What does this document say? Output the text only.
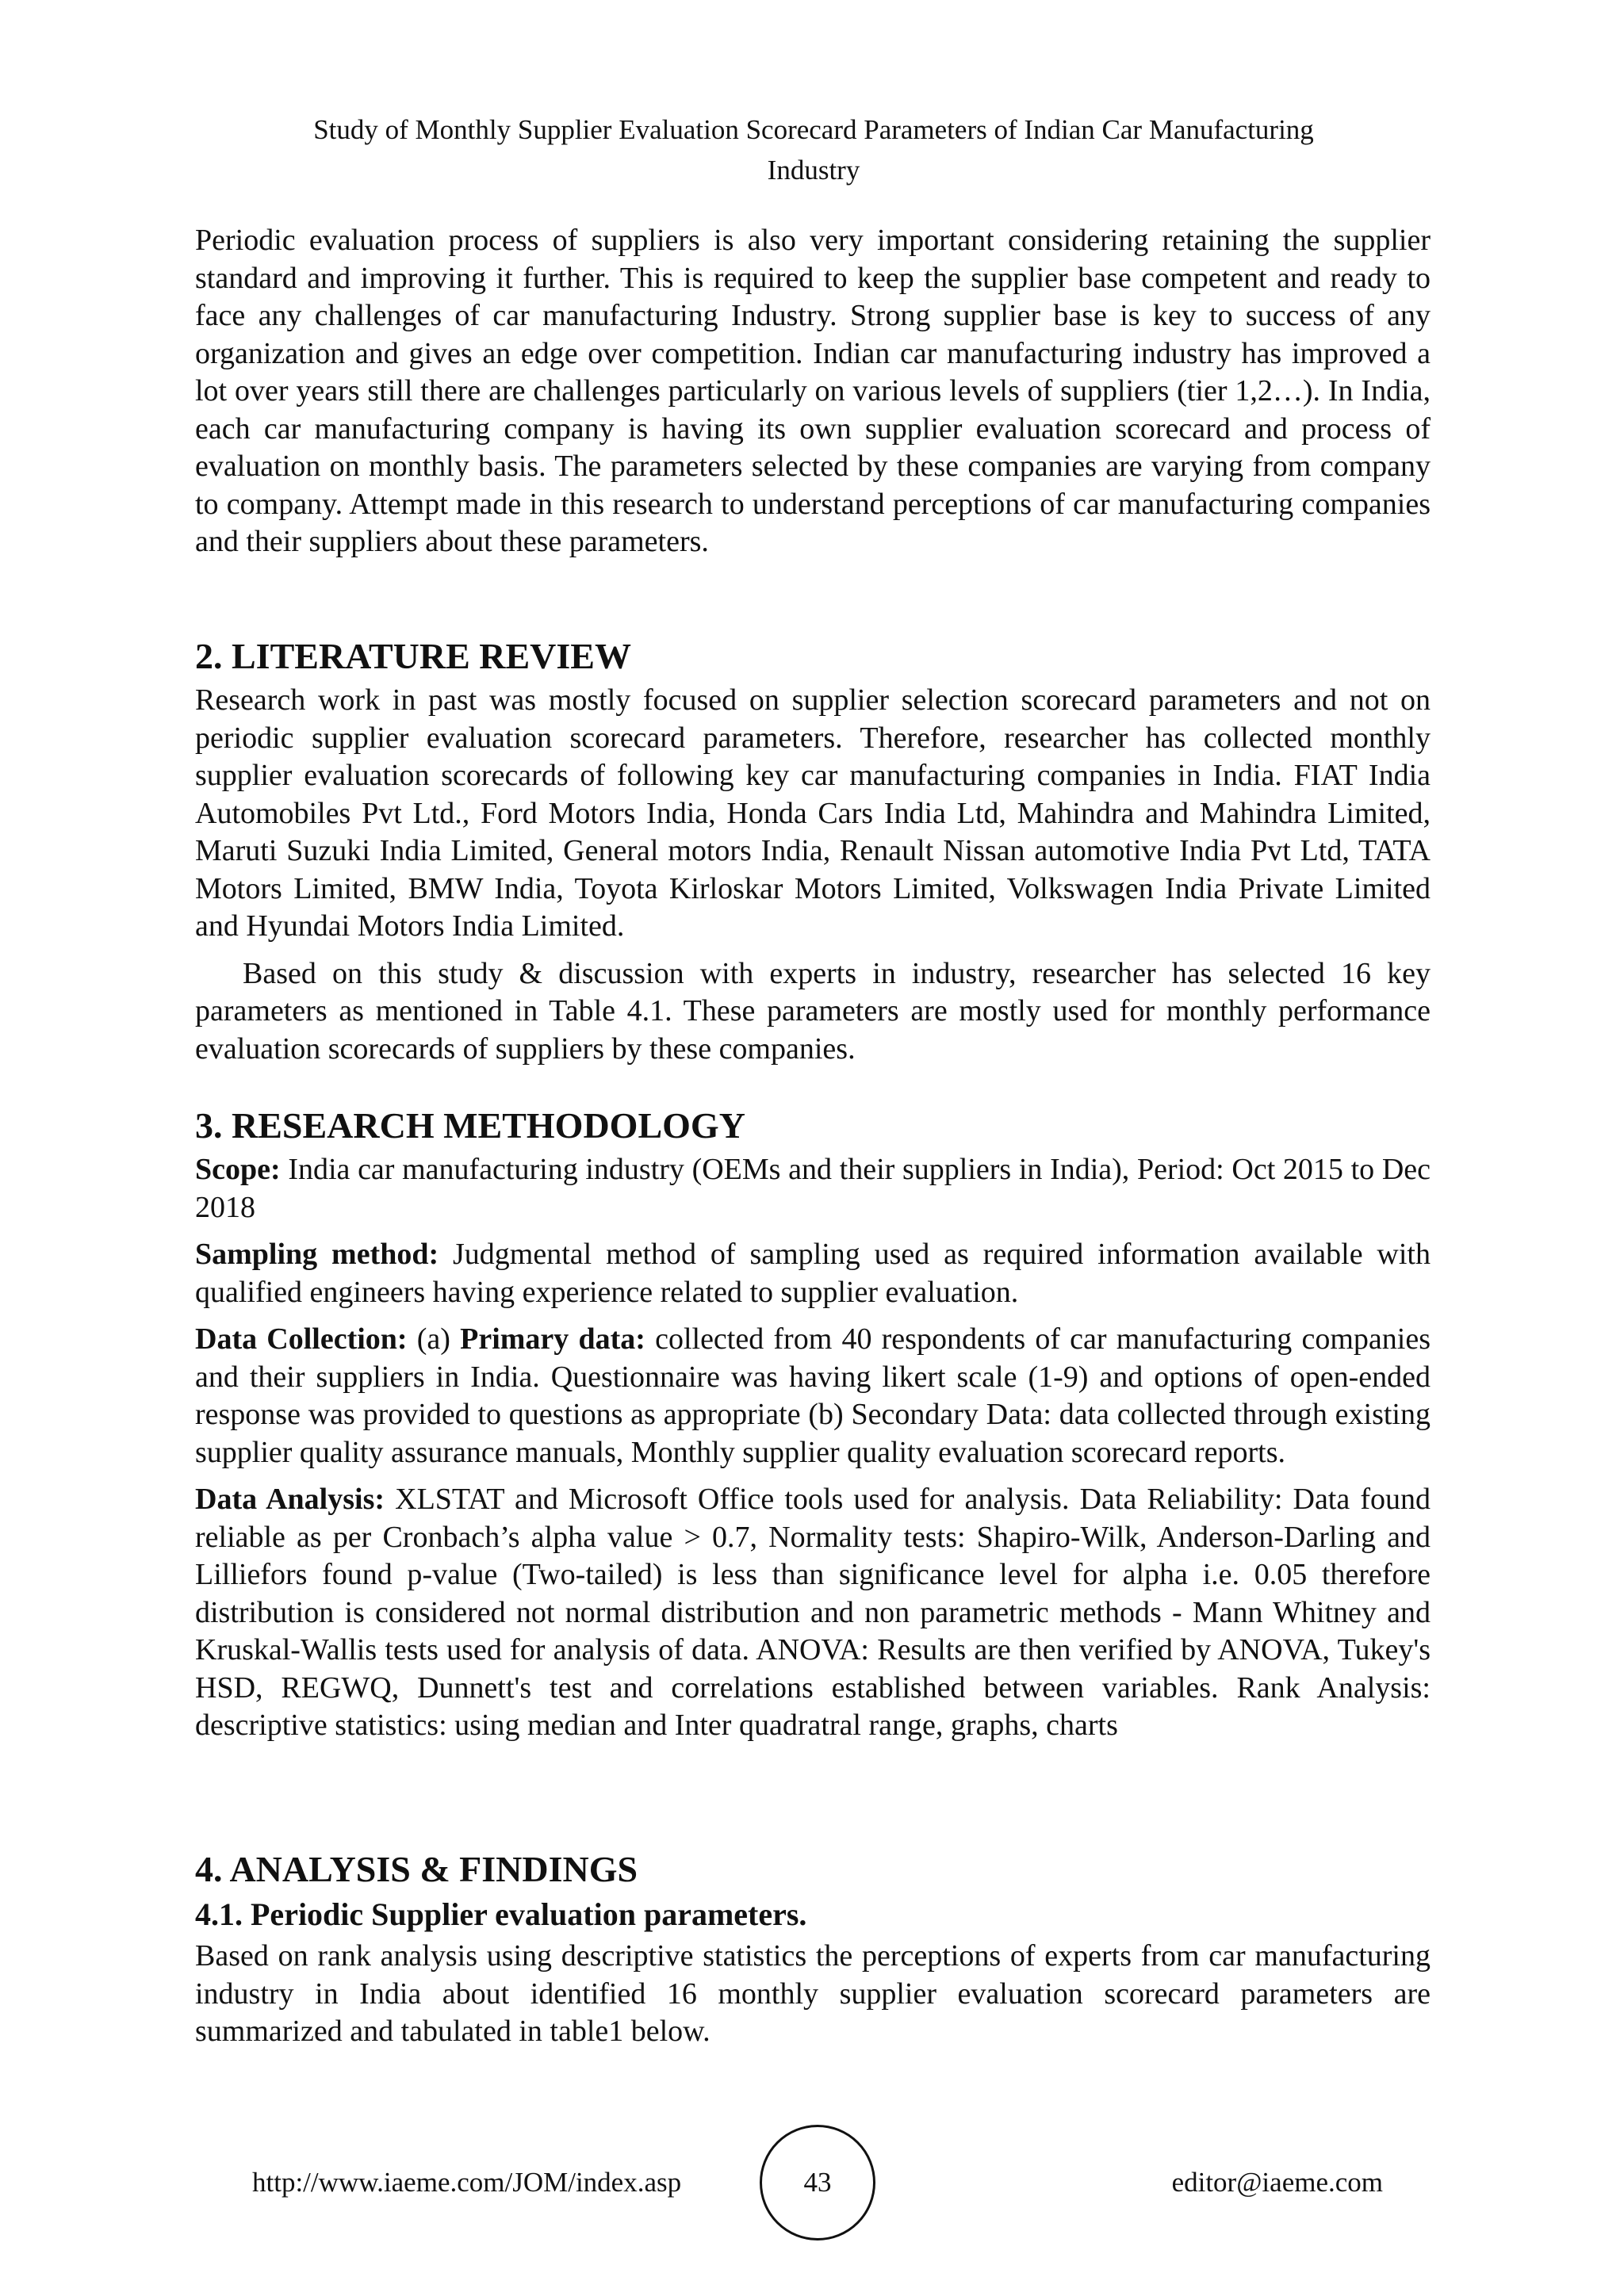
Study of Monthly Supplier Evaluation Scorecard Parameters of Indian Car Manufacturing
Industry

Periodic evaluation process of suppliers is also very important considering retaining the supplier standard and improving it further. This is required to keep the supplier base competent and ready to face any challenges of car manufacturing Industry. Strong supplier base is key to success of any organization and gives an edge over competition. Indian car manufacturing industry has improved a lot over years still there are challenges particularly on various levels of suppliers (tier 1,2…). In India, each car manufacturing company is having its own supplier evaluation scorecard and process of evaluation on monthly basis. The parameters selected by these companies are varying from company to company. Attempt made in this research to understand perceptions of car manufacturing companies and their suppliers about these parameters.

2. LITERATURE REVIEW

Research work in past was mostly focused on supplier selection scorecard parameters and not on periodic supplier evaluation scorecard parameters. Therefore, researcher has collected monthly supplier evaluation scorecards of following key car manufacturing companies in India. FIAT India Automobiles Pvt Ltd., Ford Motors India, Honda Cars India Ltd, Mahindra and Mahindra Limited, Maruti Suzuki India Limited, General motors India, Renault Nissan automotive India Pvt Ltd, TATA Motors Limited, BMW India, Toyota Kirloskar Motors Limited, Volkswagen India Private Limited and Hyundai Motors India Limited.

Based on this study & discussion with experts in industry, researcher has selected 16 key parameters as mentioned in Table 4.1. These parameters are mostly used for monthly performance evaluation scorecards of suppliers by these companies.

3. RESEARCH METHODOLOGY

Scope: India car manufacturing industry (OEMs and their suppliers in India), Period: Oct 2015 to Dec 2018

Sampling method: Judgmental method of sampling used as required information available with qualified engineers having experience related to supplier evaluation.

Data Collection: (a) Primary data: collected from 40 respondents of car manufacturing companies and their suppliers in India. Questionnaire was having likert scale (1-9) and options of open-ended response was provided to questions as appropriate (b) Secondary Data: data collected through existing supplier quality assurance manuals, Monthly supplier quality evaluation scorecard reports.

Data Analysis: XLSTAT and Microsoft Office tools used for analysis. Data Reliability: Data found reliable as per Cronbach’s alpha value > 0.7, Normality tests: Shapiro-Wilk, Anderson-Darling and Lilliefors found p-value (Two-tailed) is less than significance level for alpha i.e. 0.05 therefore distribution is considered not normal distribution and non parametric methods - Mann Whitney and Kruskal-Wallis tests used for analysis of data. ANOVA: Results are then verified by ANOVA, Tukey's HSD, REGWQ, Dunnett's test and correlations established between variables. Rank Analysis: descriptive statistics: using median and Inter quadratral range, graphs, charts

4. ANALYSIS & FINDINGS
4.1. Periodic Supplier evaluation parameters.

Based on rank analysis using descriptive statistics the perceptions of experts from car manufacturing industry in India about identified 16 monthly supplier evaluation scorecard parameters are summarized and tabulated in table1 below.

http://www.iaeme.com/JOM/index.asp	43	editor@iaeme.com
